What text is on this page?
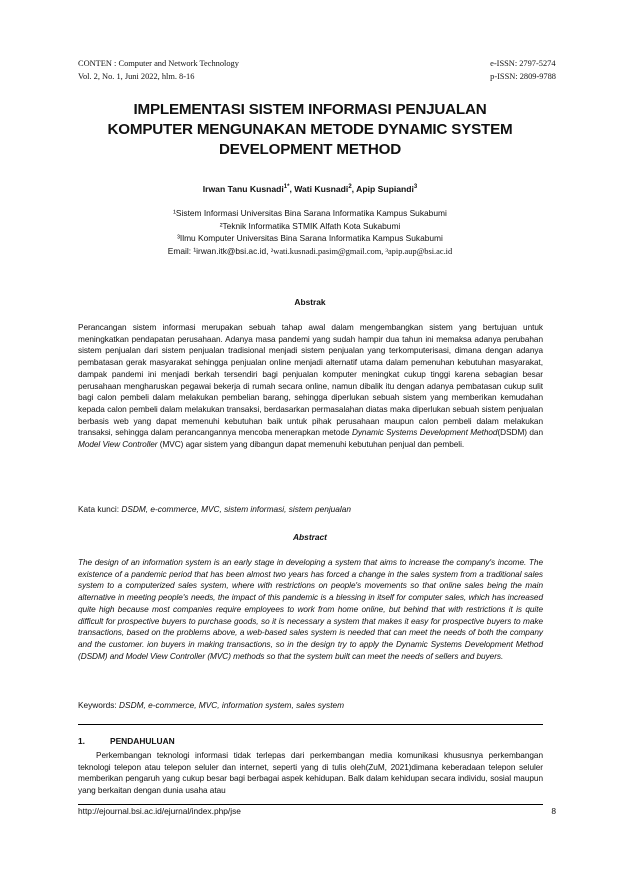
CONTEN : Computer and Network Technology
Vol. 2, No. 1, Juni 2022, hlm. 8-16
e-ISSN: 2797-5274
p-ISSN: 2809-9788
IMPLEMENTASI SISTEM INFORMASI PENJUALAN
KOMPUTER MENGUNAKAN METODE DYNAMIC SYSTEM
DEVELOPMENT METHOD
Irwan Tanu Kusnadi$^{1*}$, Wati Kusnadi$^2$, Apip Supiandi$^3$
¹Sistem Informasi Universitas Bina Sarana Informatika Kampus Sukabumi
²Teknik Informatika STMIK Alfath Kota Sukabumi
³Ilmu Komputer Universitas Bina Sarana Informatika Kampus Sukabumi
Email: ¹irwan.itk@bsi.ac.id, ²wati.kusnadi.pasim@gmail.com, ³apip.aup@bsi.ac.id
Abstrak
Perancangan sistem informasi merupakan sebuah tahap awal dalam mengembangkan sistem yang bertujuan untuk meningkatkan pendapatan perusahaan. Adanya masa pandemi yang sudah hampir dua tahun ini memaksa adanya perubahan sistem penjualan dari sistem penjualan tradisional menjadi sistem penjualan yang terkomputerisasi, dimana dengan adanya pembatasan gerak masyarakat sehingga penjualan online menjadi alternatif utama dalam pemenuhan kebutuhan masyarakat, dampak pandemi ini menjadi berkah tersendiri bagi penjualan komputer meningkat cukup tinggi karena sebagian besar perusahaan mengharuskan pegawai bekerja di rumah secara online, namun dibalik itu dengan adanya pembatasan cukup sulit bagi calon pembeli dalam melakukan pembelian barang, sehingga diperlukan sebuah sistem yang memberikan kemudahan kepada calon pembeli dalam melakukan transaksi, berdasarkan permasalahan diatas maka diperlukan sebuah sistem penjualan berbasis web yang dapat memenuhi kebutuhan baik untuk pihak perusahaan maupun calon pembeli dalam melakukan transaksi, sehingga dalam perancangannya mencoba menerapkan metode Dynamic Systems Development Method(DSDM) dan Model View Controller (MVC) agar sistem yang dibangun dapat memenuhi kebutuhan penjual dan pembeli.
Kata kunci: DSDM, e-commerce, MVC, sistem informasi, sistem penjualan
Abstract
The design of an information system is an early stage in developing a system that aims to increase the company's income. The existence of a pandemic period that has been almost two years has forced a change in the sales system from a traditional sales system to a computerized sales system, where with restrictions on people's movements so that online sales being the main alternative in meeting people's needs, the impact of this pandemic is a blessing in itself for computer sales, which has increased quite high because most companies require employees to work from home online, but behind that with restrictions it is quite difficult for prospective buyers to purchase goods, so it is necessary a system that makes it easy for prospective buyers to make transactions, based on the problems above, a web-based sales system is needed that can meet the needs of both the company and the customer. ion buyers in making transactions, so in the design try to apply the Dynamic Systems Development Method (DSDM) and Model View Controller (MVC) methods so that the system built can meet the needs of sellers and buyers.
Keywords: DSDM, e-commerce, MVC, information system, sales system
1.	PENDAHULUAN
Perkembangan teknologi informasi tidak terlepas dari perkembangan media komunikasi khususnya perkembangan teknologi telepon atau telepon seluler dan internet, seperti yang di tulis oleh(ZuM, 2021)dimana keberadaan telepon seluler memberikan pengaruh yang cukup besar bagi berbagai aspek kehidupan. Balk dalam kehidupan secara individu, sosial maupun yang berkaitan dengan dunia usaha atau
http://ejournal.bsi.ac.id/ejurnal/index.php/jse	8
